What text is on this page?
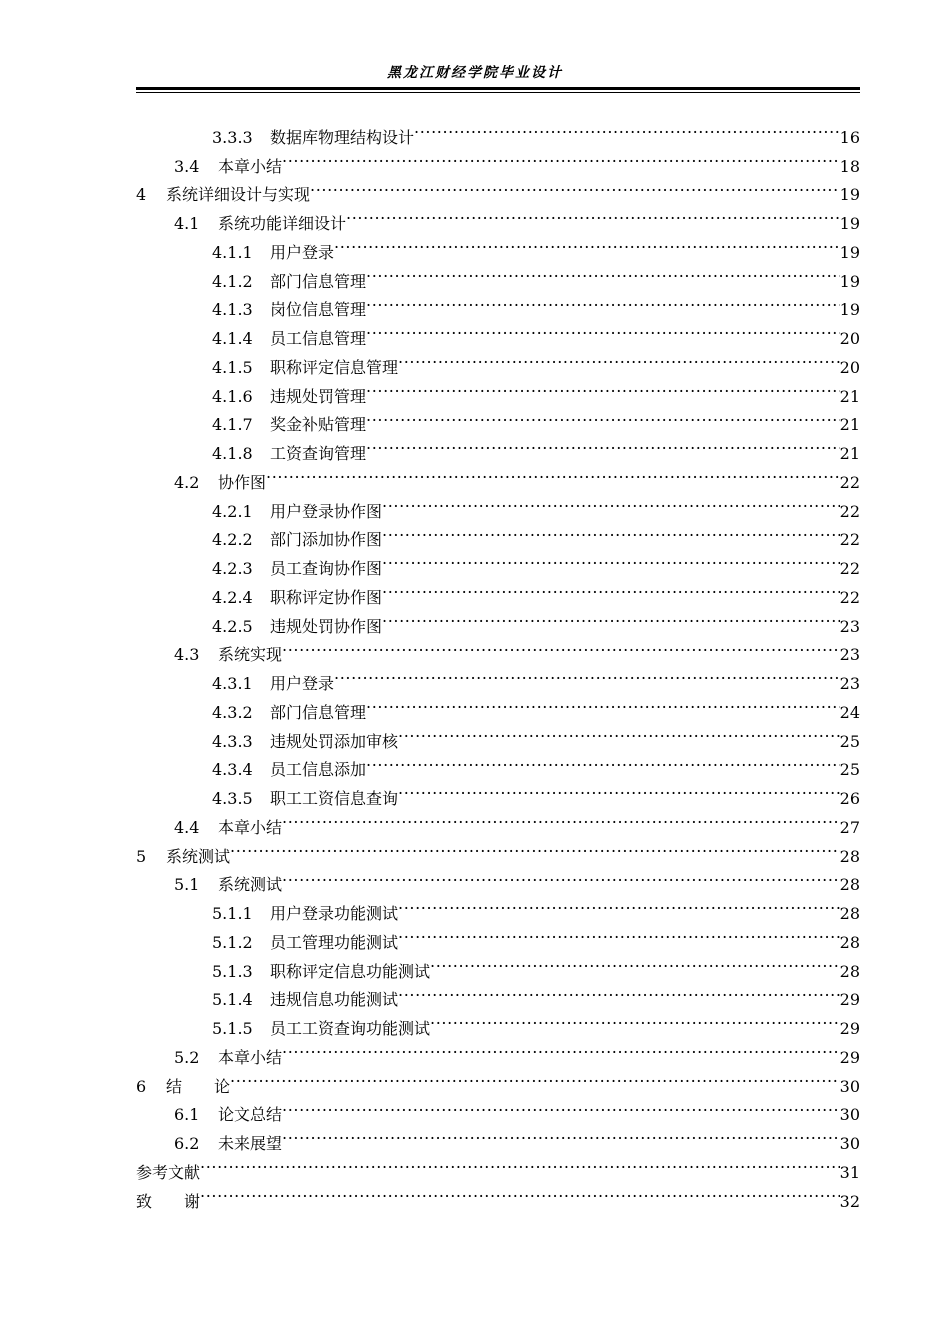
黑龙江财经学院毕业设计
3.3.3	数据库物理结构设计 .....	16
3.4	本章小结 .....	18
4	系统详细设计与实现 .....	19
4.1	系统功能详细设计 .....	19
4.1.1	用户登录 .....	19
4.1.2	部门信息管理 .....	19
4.1.3	岗位信息管理 .....	19
4.1.4	员工信息管理 .....	20
4.1.5	职称评定信息管理 .....	20
4.1.6	违规处罚管理 .....	21
4.1.7	奖金补贴管理 .....	21
4.1.8	工资查询管理 .....	21
4.2	协作图 .....	22
4.2.1	用户登录协作图 .....	22
4.2.2	部门添加协作图 .....	22
4.2.3	员工查询协作图 .....	22
4.2.4	职称评定协作图 .....	22
4.2.5	违规处罚协作图 .....	23
4.3	系统实现 .....	23
4.3.1	用户登录 .....	23
4.3.2	部门信息管理 .....	24
4.3.3	违规处罚添加审核 .....	25
4.3.4	员工信息添加 .....	25
4.3.5	职工工资信息查询 .....	26
4.4	本章小结 .....	27
5	系统测试 .....	28
5.1	系统测试 .....	28
5.1.1	用户登录功能测试 .....	28
5.1.2	员工管理功能测试 .....	28
5.1.3	职称评定信息功能测试 .....	28
5.1.4	违规信息功能测试 .....	29
5.1.5	员工工资查询功能测试 .....	29
5.2	本章小结 .....	29
6	结　　论 .....	30
6.1	论文总结 .....	30
6.2	未来展望 .....	30
参考文献 .....	31
致　　谢 .....	32
